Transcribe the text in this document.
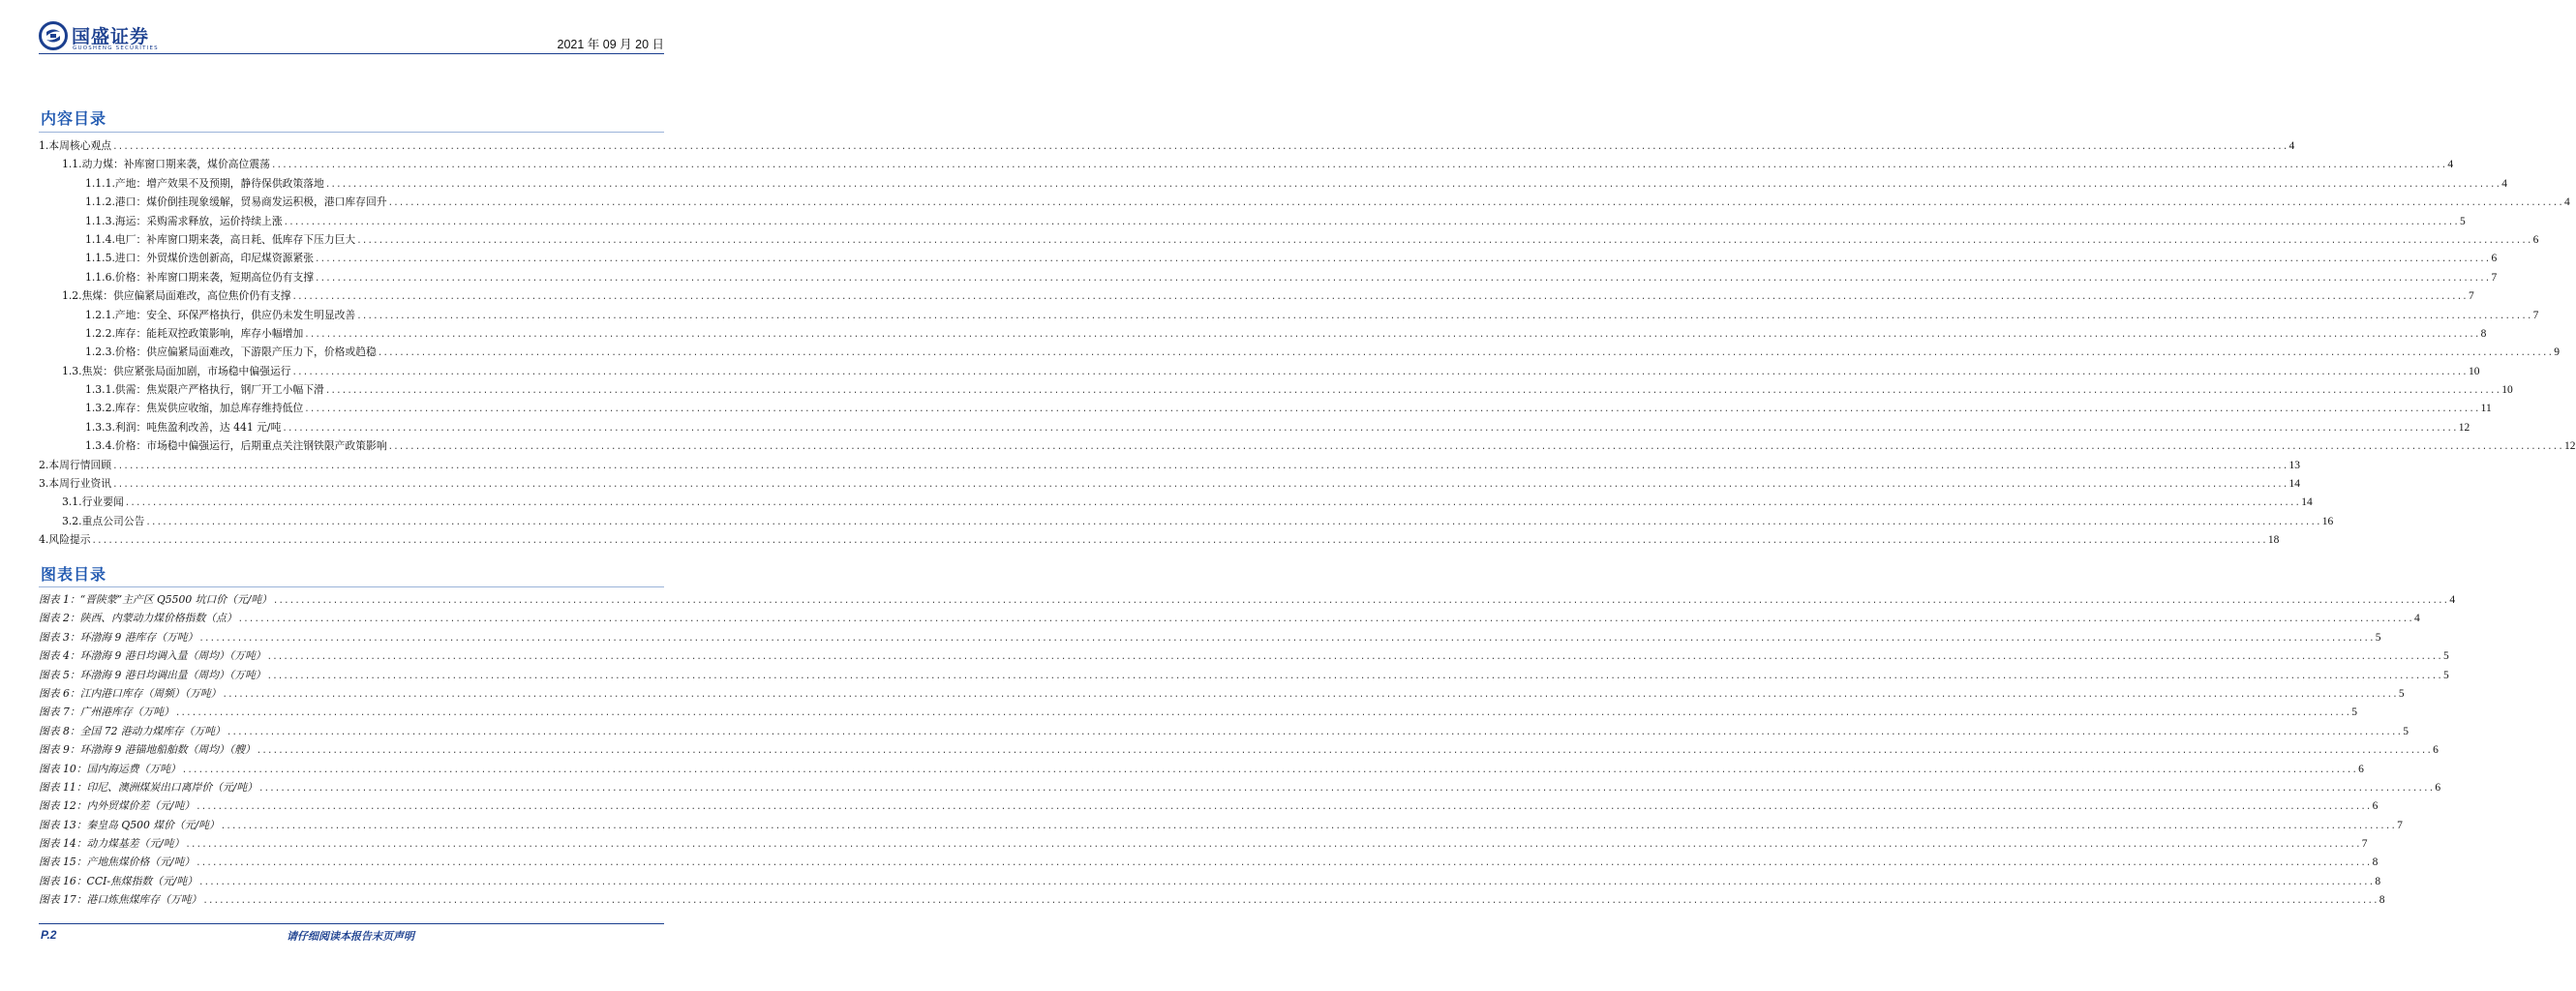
国盛证券
GUOSHENG SECURITIES	2021 年 09 月 20 日
内容目录
1.本周核心观点 ................................................................................................................................................................................................................................................................................................................................................................................................................ 4
1.1.动力煤：补库窗口期来袭，煤价高位震荡 ................................................................................................................................................................................................................................................................................................................................................................................................................ 4
1.1.1.产地：增产效果不及预期，静待保供政策落地 ................................................................................................................................................................................................................................................................................................................................................................................................................ 4
1.1.2.港口：煤价倒挂现象缓解，贸易商发运积极，港口库存回升 ................................................................................................................................................................................................................................................................................................................................................................................................................ 4
1.1.3.海运：采购需求释放，运价持续上涨 ................................................................................................................................................................................................................................................................................................................................................................................................................ 5
1.1.4.电厂：补库窗口期来袭，高日耗、低库存下压力巨大 ................................................................................................................................................................................................................................................................................................................................................................................................................ 6
1.1.5.进口：外贸煤价迭创新高，印尼煤资源紧张 ................................................................................................................................................................................................................................................................................................................................................................................................................ 6
1.1.6.价格：补库窗口期来袭，短期高位仍有支撑 ................................................................................................................................................................................................................................................................................................................................................................................................................ 7
1.2.焦煤：供应偏紧局面难改，高位焦价仍有支撑 ................................................................................................................................................................................................................................................................................................................................................................................................................ 7
1.2.1.产地：安全、环保严格执行，供应仍未发生明显改善 ................................................................................................................................................................................................................................................................................................................................................................................................................ 7
1.2.2.库存：能耗双控政策影响，库存小幅增加 ................................................................................................................................................................................................................................................................................................................................................................................................................ 8
1.2.3.价格：供应偏紧局面难改，下游限产压力下，价格或趋稳 ................................................................................................................................................................................................................................................................................................................................................................................................................ 9
1.3.焦炭：供应紧张局面加剧，市场稳中偏强运行 ................................................................................................................................................................................................................................................................................................................................................................................................................ 10
1.3.1.供需：焦炭限产严格执行，钢厂开工小幅下滑 ................................................................................................................................................................................................................................................................................................................................................................................................................ 10
1.3.2.库存：焦炭供应收缩，加总库存维持低位 ................................................................................................................................................................................................................................................................................................................................................................................................................ 11
1.3.3.利润：吨焦盈利改善，达 441 元/吨 ................................................................................................................................................................................................................................................................................................................................................................................................................ 12
1.3.4.价格：市场稳中偏强运行，后期重点关注钢铁限产政策影响 ................................................................................................................................................................................................................................................................................................................................................................................................................ 12
2.本周行情回顾 ................................................................................................................................................................................................................................................................................................................................................................................................................ 13
3.本周行业资讯 ................................................................................................................................................................................................................................................................................................................................................................................................................ 14
3.1.行业要闻 ................................................................................................................................................................................................................................................................................................................................................................................................................ 14
3.2.重点公司公告 ................................................................................................................................................................................................................................................................................................................................................................................................................ 16
4.风险提示 ................................................................................................................................................................................................................................................................................................................................................................................................................ 18
图表目录
图表 1：“晋陕蒙”主产区 Q5500 坑口价（元/吨） ................................................................................................................................................................................................................................................................................................................................................................................................................ 4
图表 2：陕西、内蒙动力煤价格指数（点） ................................................................................................................................................................................................................................................................................................................................................................................................................ 4
图表 3：环渤海 9 港库存（万吨） ................................................................................................................................................................................................................................................................................................................................................................................................................ 5
图表 4：环渤海 9 港日均调入量（周均）（万吨） ................................................................................................................................................................................................................................................................................................................................................................................................................ 5
图表 5：环渤海 9 港日均调出量（周均）（万吨） ................................................................................................................................................................................................................................................................................................................................................................................................................ 5
图表 6：江内港口库存（周频）（万吨） ................................................................................................................................................................................................................................................................................................................................................................................................................ 5
图表 7：广州港库存（万吨） ................................................................................................................................................................................................................................................................................................................................................................................................................ 5
图表 8：全国 72 港动力煤库存（万吨） ................................................................................................................................................................................................................................................................................................................................................................................................................ 5
图表 9：环渤海 9 港锚地船舶数（周均）（艘） ................................................................................................................................................................................................................................................................................................................................................................................................................ 6
图表 10：国内海运费（万吨） ................................................................................................................................................................................................................................................................................................................................................................................................................ 6
图表 11：印尼、澳洲煤炭出口离岸价（元/吨） ................................................................................................................................................................................................................................................................................................................................................................................................................ 6
图表 12：内外贸煤价差（元/吨） ................................................................................................................................................................................................................................................................................................................................................................................................................ 6
图表 13：秦皇岛 Q500 煤价（元/吨） ................................................................................................................................................................................................................................................................................................................................................................................................................ 7
图表 14：动力煤基差（元/吨） ................................................................................................................................................................................................................................................................................................................................................................................................................ 7
图表 15：产地焦煤价格（元/吨） ................................................................................................................................................................................................................................................................................................................................................................................................................ 8
图表 16：CCI-焦煤指数（元/吨） ................................................................................................................................................................................................................................................................................................................................................................................................................ 8
图表 17：港口炼焦煤库存（万吨） ................................................................................................................................................................................................................................................................................................................................................................................................................ 8
P.2	请仔细阅读本报告末页声明
